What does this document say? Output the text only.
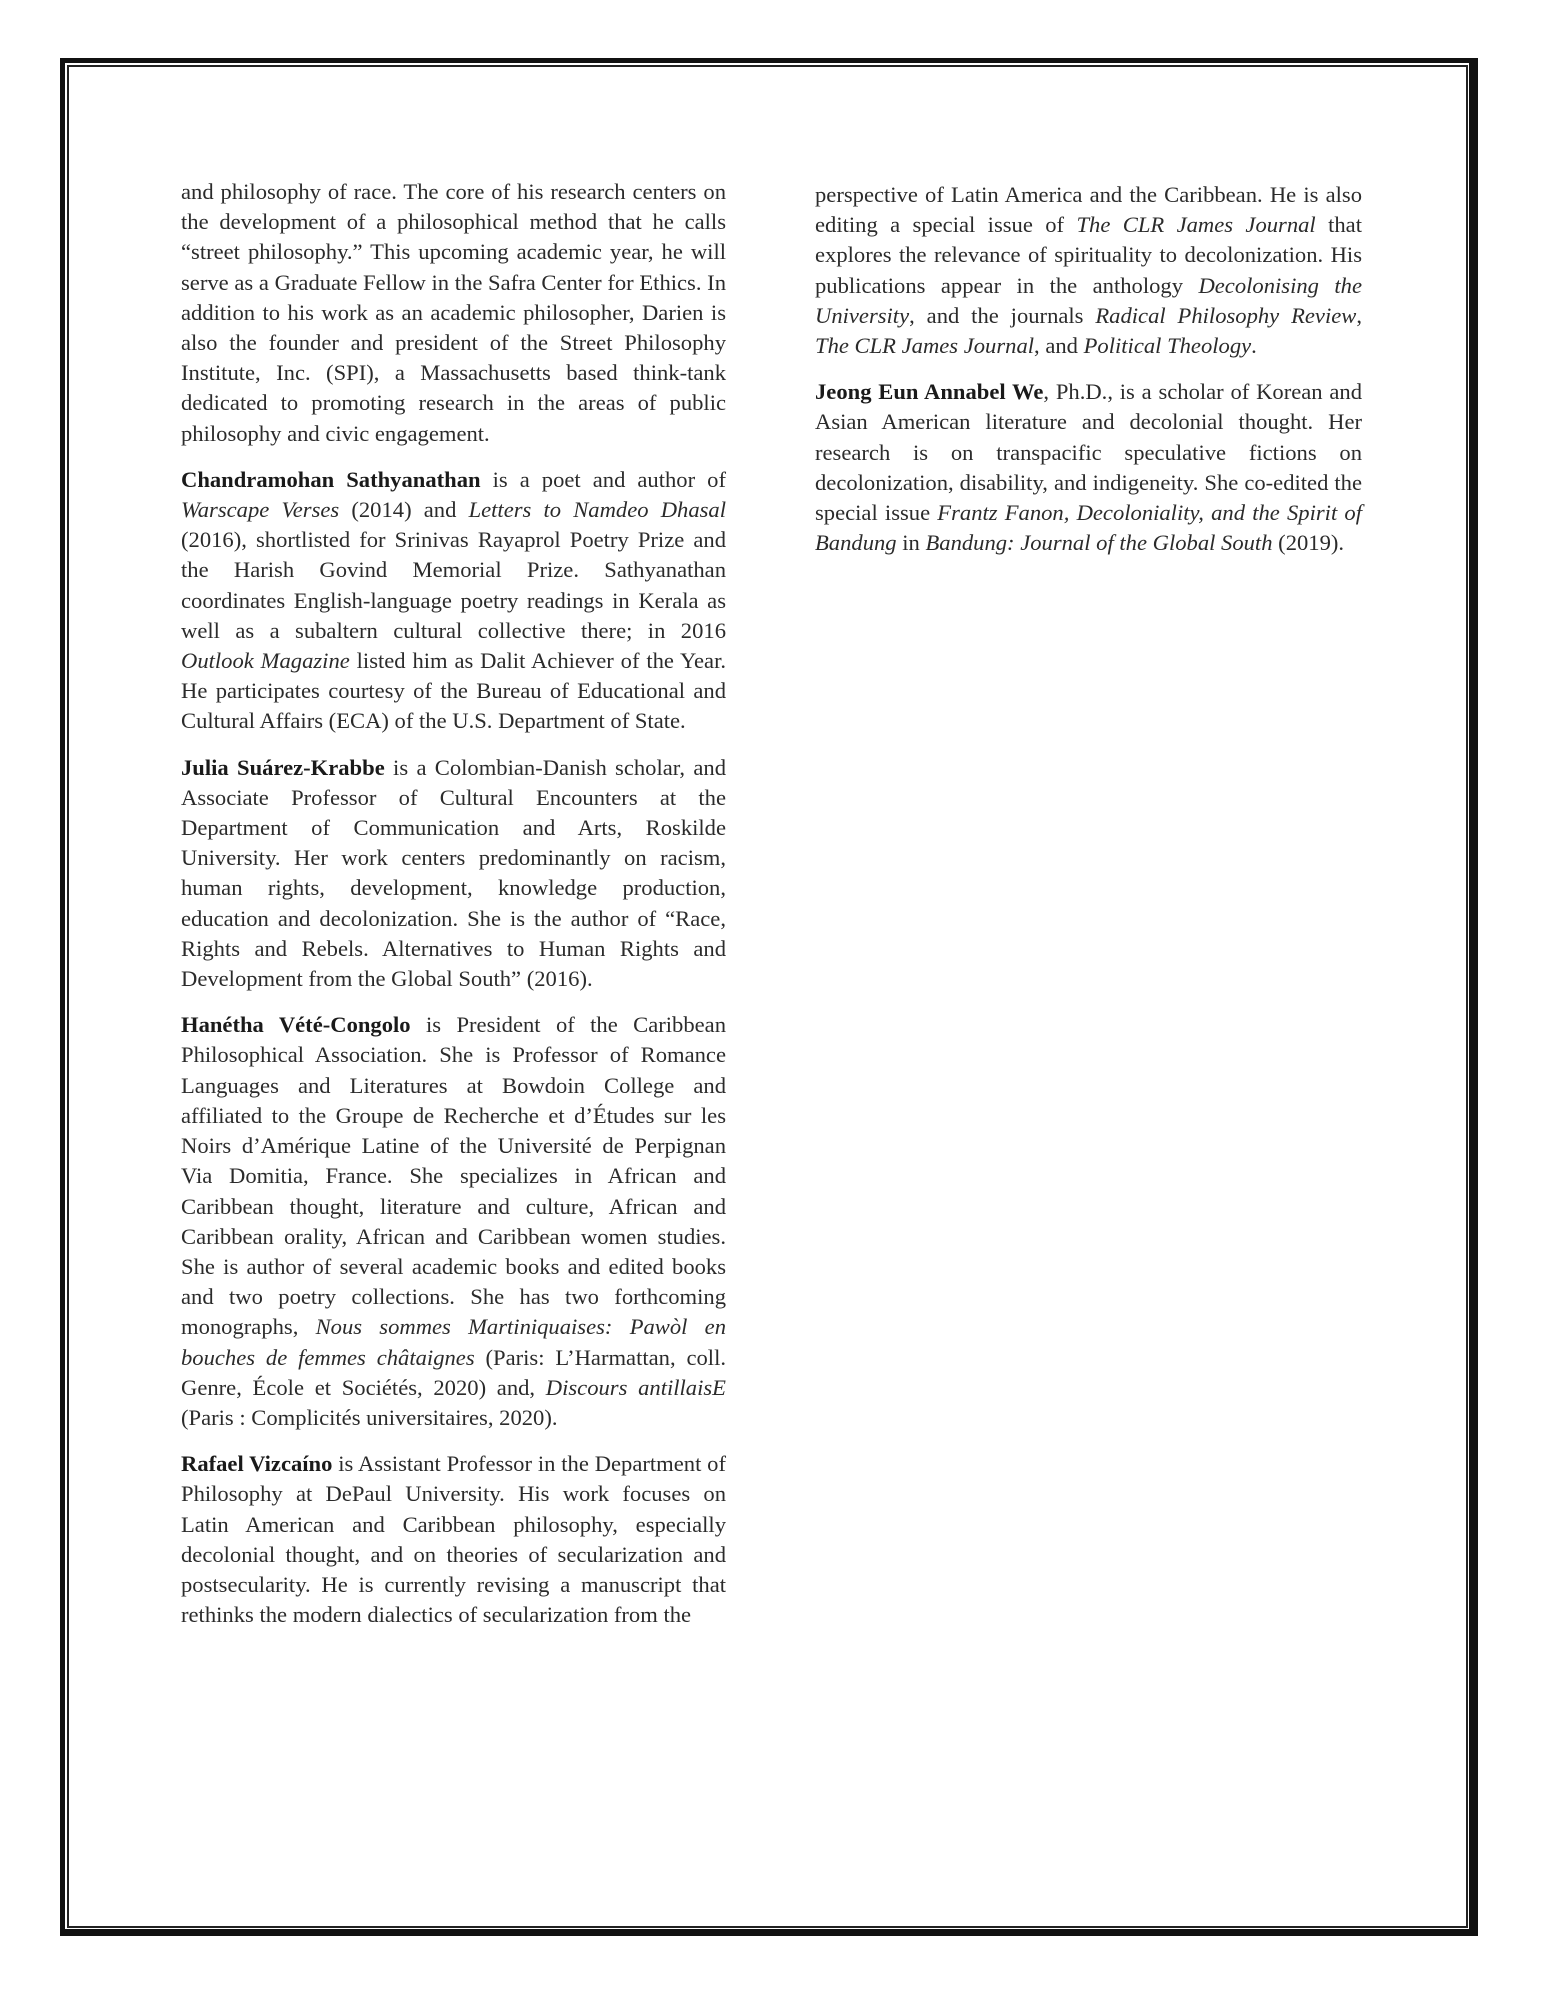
and philosophy of race. The core of his research centers on the development of a philosophical method that he calls “street philosophy.” This upcoming academic year, he will serve as a Graduate Fellow in the Safra Center for Ethics. In addition to his work as an academic philosopher, Darien is also the founder and president of the Street Philosophy Institute, Inc. (SPI), a Massachusetts based think-tank dedicated to promoting research in the areas of public philosophy and civic engagement.

Chandramohan Sathyanathan is a poet and author of Warscape Verses (2014) and Letters to Namdeo Dhasal (2016), shortlisted for Srinivas Rayaprol Poetry Prize and the Harish Govind Memorial Prize. Sathyanathan coordinates English-language poetry readings in Kerala as well as a subaltern cultural collective there; in 2016 Outlook Magazine listed him as Dalit Achiever of the Year. He participates courtesy of the Bureau of Educational and Cultural Affairs (ECA) of the U.S. Department of State.

Julia Suárez-Krabbe is a Colombian-Danish scholar, and Associate Professor of Cultural Encounters at the Department of Communication and Arts, Roskilde University. Her work centers predominantly on racism, human rights, development, knowledge production, education and decolonization. She is the author of “Race, Rights and Rebels. Alternatives to Human Rights and Development from the Global South” (2016).

Hanétha Vété-Congolo is President of the Caribbean Philosophical Association. She is Professor of Romance Languages and Literatures at Bowdoin College and affiliated to the Groupe de Recherche et d’Études sur les Noirs d’Amérique Latine of the Université de Perpignan Via Domitia, France. She specializes in African and Caribbean thought, literature and culture, African and Caribbean orality, African and Caribbean women studies. She is author of several academic books and edited books and two poetry collections. She has two forthcoming monographs, Nous sommes Martiniquaises: Pawòl en bouches de femmes châtaignes (Paris: L’Harmattan, coll. Genre, École et Sociétés, 2020) and, Discours antillaisE (Paris : Complicités universitaires, 2020).

Rafael Vizcaíno is Assistant Professor in the Department of Philosophy at DePaul University. His work focuses on Latin American and Caribbean philosophy, especially decolonial thought, and on theories of secularization and postsecularity. He is currently revising a manuscript that rethinks the modern dialectics of secularization from the

perspective of Latin America and the Caribbean. He is also editing a special issue of The CLR James Journal that explores the relevance of spirituality to decolonization. His publications appear in the anthology Decolonising the University, and the journals Radical Philosophy Review, The CLR James Journal, and Political Theology.

Jeong Eun Annabel We, Ph.D., is a scholar of Korean and Asian American literature and decolonial thought. Her research is on transpacific speculative fictions on decolonization, disability, and indigeneity. She co-edited the special issue Frantz Fanon, Decoloniality, and the Spirit of Bandung in Bandung: Journal of the Global South (2019).
